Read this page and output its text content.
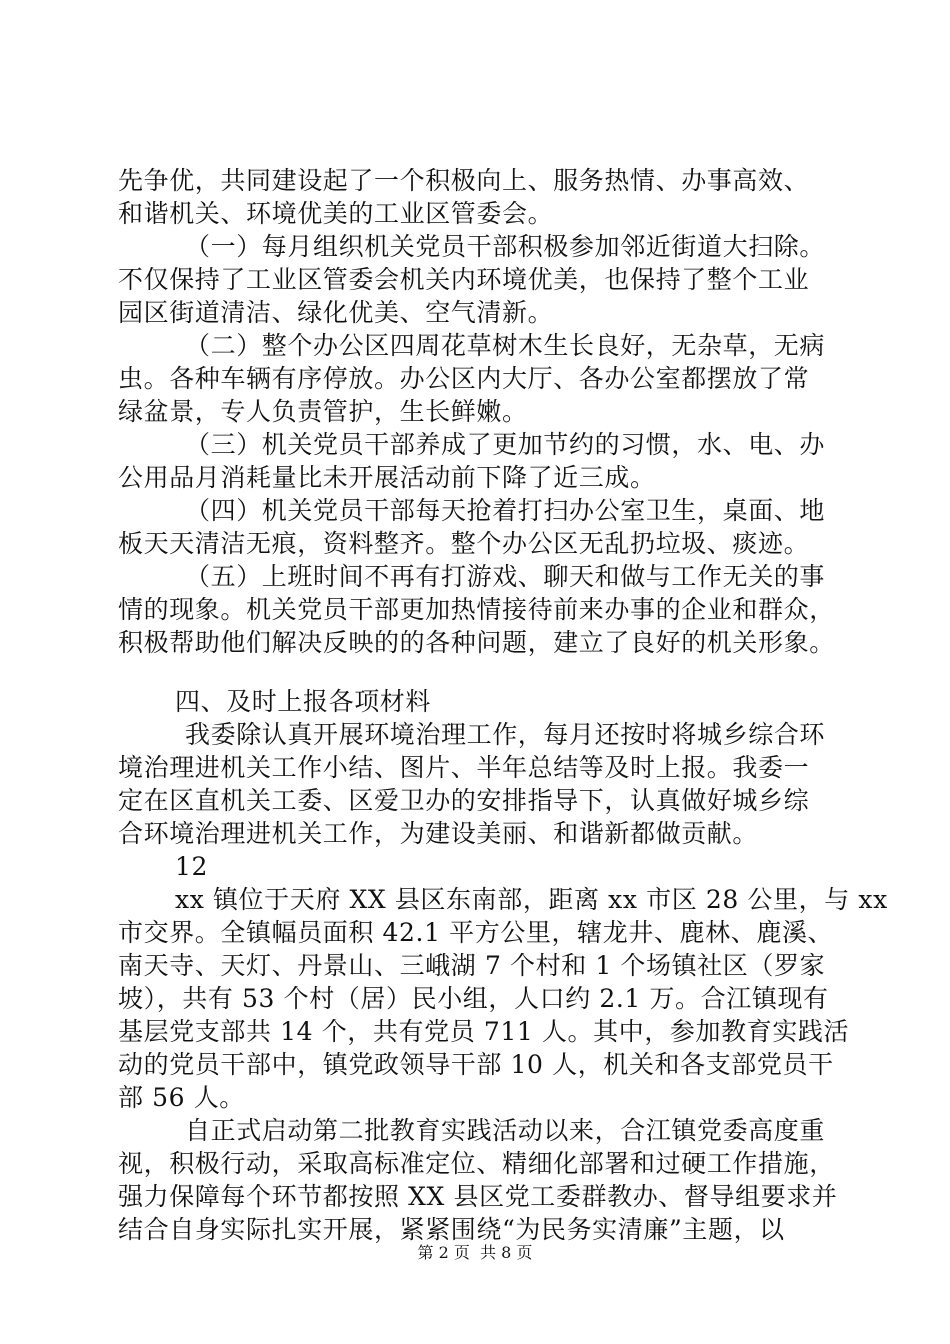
先争优，共同建设起了一个积极向上、服务热情、办事高效、
和谐机关、环境优美的工业区管委会。
（一）每月组织机关党员干部积极参加邻近街道大扫除。
不仅保持了工业区管委会机关内环境优美，也保持了整个工业
园区街道清洁、绿化优美、空气清新。
（二）整个办公区四周花草树木生长良好，无杂草，无病
虫。各种车辆有序停放。办公区内大厅、各办公室都摆放了常
绿盆景，专人负责管护，生长鲜嫩。
（三）机关党员干部养成了更加节约的习惯，水、电、办
公用品月消耗量比未开展活动前下降了近三成。
（四）机关党员干部每天抢着打扫办公室卫生，桌面、地
板天天清洁无痕，资料整齐。整个办公区无乱扔垃圾、痰迹。
（五）上班时间不再有打游戏、聊天和做与工作无关的事
情的现象。机关党员干部更加热情接待前来办事的企业和群众，
积极帮助他们解决反映的的各种问题，建立了良好的机关形象。
四、及时上报各项材料
我委除认真开展环境治理工作，每月还按时将城乡综合环
境治理进机关工作小结、图片、半年总结等及时上报。我委一
定在区直机关工委、区爱卫办的安排指导下，认真做好城乡综
合环境治理进机关工作，为建设美丽、和谐新都做贡献。
12
xx 镇位于天府 XX 县区东南部，距离 xx 市区 28 公里，与 xx
市交界。全镇幅员面积 42.1 平方公里，辖龙井、鹿林、鹿溪、
南天寺、天灯、丹景山、三峨湖 7 个村和 1 个场镇社区（罗家
坡），共有 53 个村（居）民小组，人口约 2.1 万。合江镇现有
基层党支部共 14 个，共有党员 711 人。其中，参加教育实践活
动的党员干部中，镇党政领导干部 10 人，机关和各支部党员干
部 56 人。
自正式启动第二批教育实践活动以来，合江镇党委高度重
视，积极行动，采取高标准定位、精细化部署和过硬工作措施，
强力保障每个环节都按照 XX 县区党工委群教办、督导组要求并
结合自身实际扎实开展，紧紧围绕“为民务实清廉”主题，以
第 2 页  共 8 页
